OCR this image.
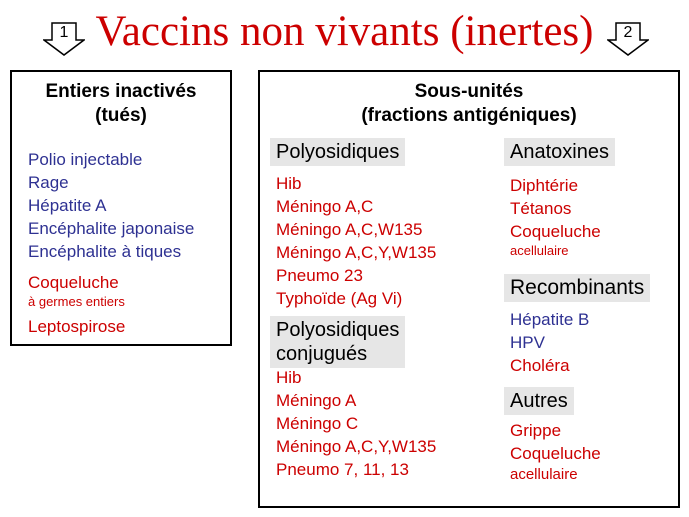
1	2
Vaccins non vivants (inertes)
Entiers inactivés
(tués)
Polio injectable
Rage
Hépatite A
Encéphalite japonaise
Encéphalite à tiques
Coqueluche
à germes entiers
Leptospirose
Sous-unités
(fractions antigéniques)
Polyosidiques
Hib
Méningo A,C
Méningo A,C,W135
Méningo A,C,Y,W135
Pneumo 23
Typhoïde (Ag Vi)
Polyosidiques
conjugués
Hib
Méningo A
Méningo C
Méningo A,C,Y,W135
Pneumo 7, 11, 13
Anatoxines
Diphtérie
Tétanos
Coqueluche
acellulaire
Recombinants
Hépatite B
HPV
Choléra
Autres
Grippe
Coqueluche
acellulaire
